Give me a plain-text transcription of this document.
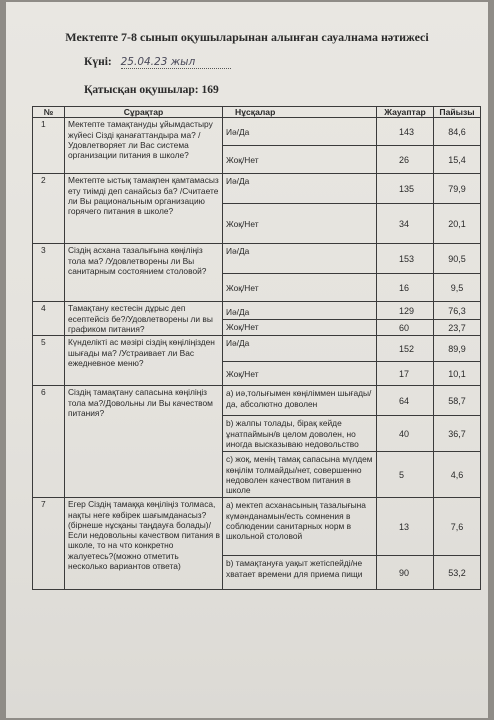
Мектепте 7-8 сынып оқушыларынан алынған сауалнама нәтижесі
Күні: 25.04.23 жыл
Қатысқан оқушылар: 169
№	Сұрақтар	Нұсқалар	Жауаптар	Пайызы
1	Мектепте тамақтануды ұйымдастыру жүйесі Сізді қанағаттандыра ма? /Удовлетворяет ли Вас система организации питания в школе?	Иә/Да	143	84,6
		Жоқ/Нет	26	15,4
2	Мектепте ыстық тамақпен қамтамасыз ету тиімді деп санайсыз ба? /Считаете ли Вы рациональным организацию горячего питания в школе?	Иә/Да	135	79,9
		Жоқ/Нет	34	20,1
3	Сіздің асхана тазалығына көңіліңіз тола ма? /Удовлетворены ли Вы санитарным состоянием столовой?	Иә/Да	153	90,5
		Жоқ/Нет	16	9,5
4	Тамақтану кестесін дұрыс деп есептейсіз бе?/Удовлетворены ли вы графиком питания?	Иә/Да	129	76,3
		Жоқ/Нет	60	23,7
5	Күнделікті ас мәзірі сіздің көңіліңізден шығады ма? /Устраивает ли Вас ежедневное меню?	Иә/Да	152	89,9
		Жоқ/Нет	17	10,1
6	Сіздің тамақтану сапасына көңіліңіз тола ма?/Довольны ли Вы качеством питания?	a) иә,толығымен көңіліммен шығады/да, абсолютно доволен	64	58,7
		b) жалпы толады, бірақ кейде ұнатпаймын/в целом доволен, но иногда высказываю недовольство	40	36,7
		c) жоқ, менің тамақ сапасына мүлдем көңілім толмайды/нет, совершенно недоволен качеством питания в школе	5	4,6
7	Егер Сіздің тамаққа көңіліңіз толмаса, нақты неге көбірек шағымданасыз?(бірнеше нұсқаны таңдауға болады)/Если недовольны качеством питания в школе, то на что конкретно жалуетесь?(можно отметить несколько вариантов ответа)	a) мектеп асханасының тазалығына күмәнданамын/есть сомнения в соблюдении санитарных норм в школьной столовой	13	7,6
		b) тамақтануға уақыт жетіспейді/не хватает времени для приема пищи	90	53,2
